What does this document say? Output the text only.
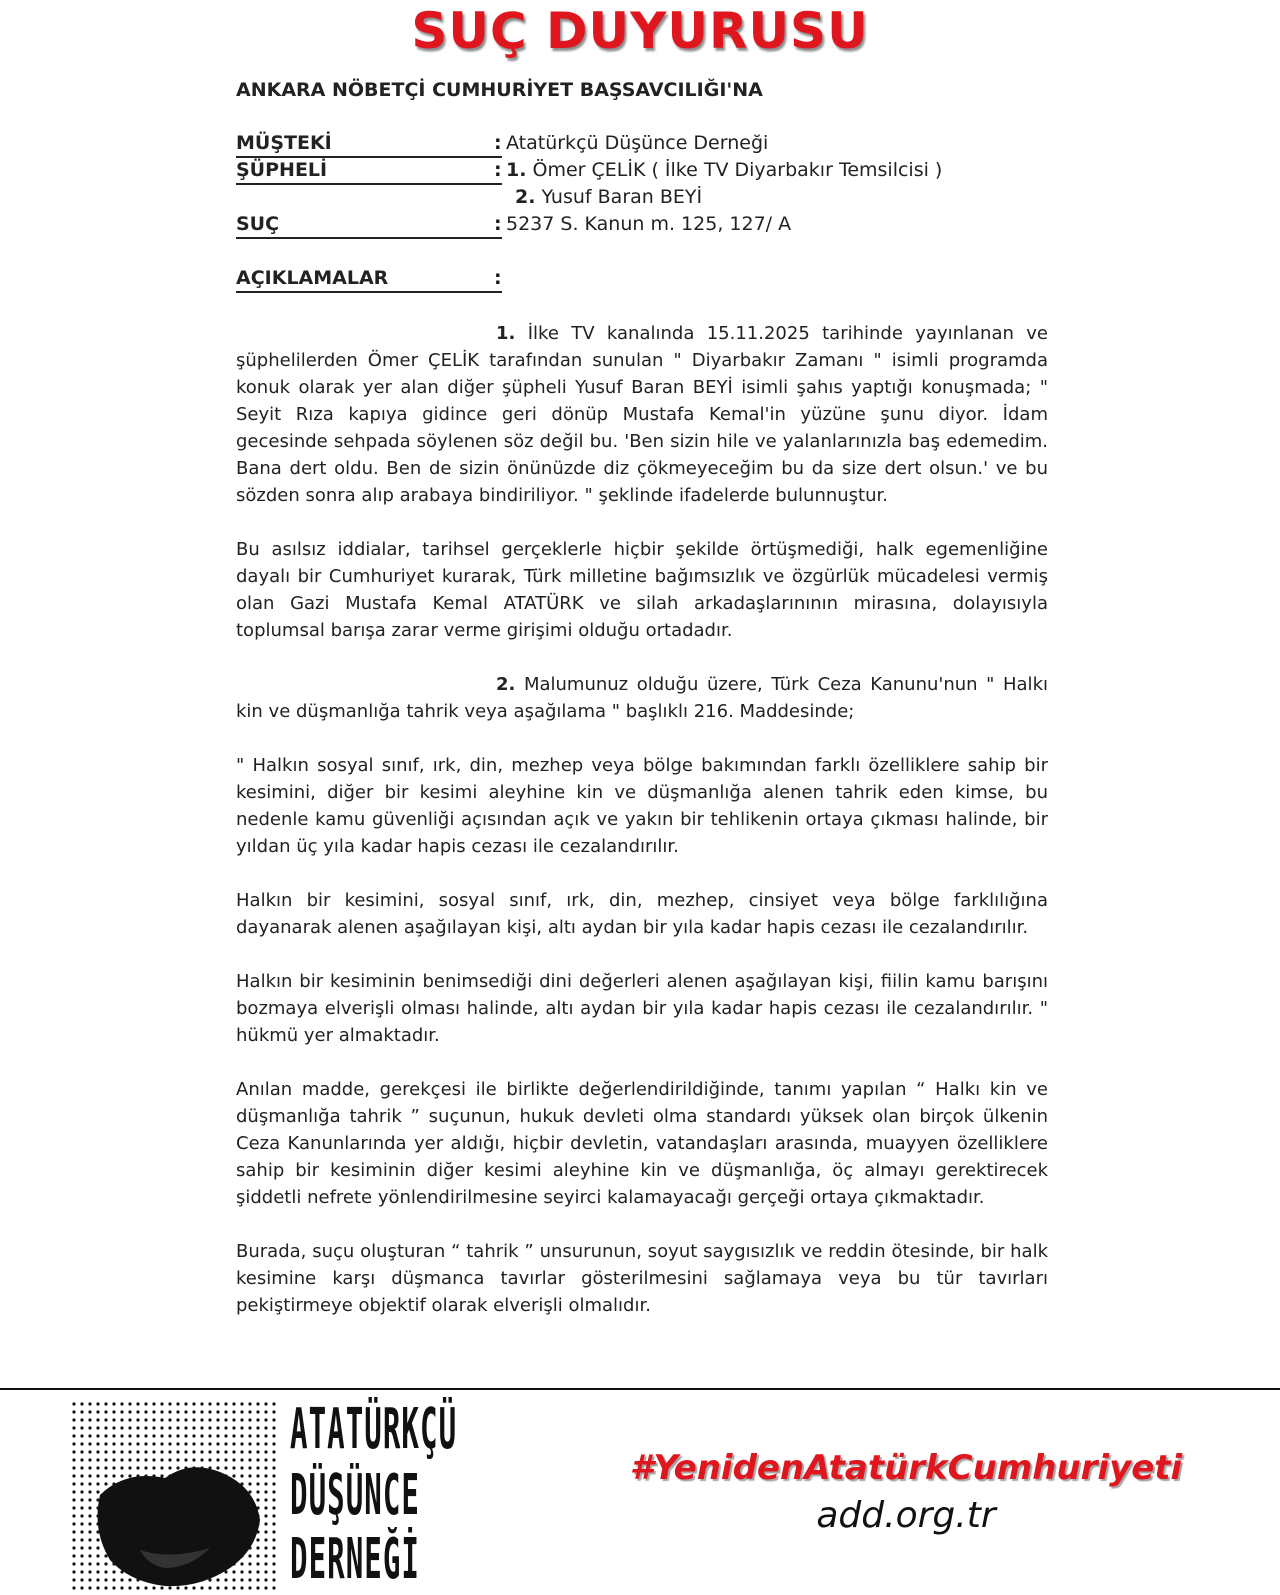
SUÇ DUYURUSU
ANKARA NÖBETÇİ CUMHURİYET BAŞSAVCILIĞI'NA
MÜŞTEKİ	: Atatürkçü Düşünce Derneği
ŞÜPHELİ	: 1. Ömer ÇELİK ( İlke TV Diyarbakır Temsilcisi )
2. Yusuf Baran BEYİ
SUÇ	: 5237 S. Kanun m. 125, 127/ A
AÇIKLAMALAR	:

1. İlke TV kanalında 15.11.2025 tarihinde yayınlanan ve şüphelilerden Ömer ÇELİK tarafından sunulan " Diyarbakır Zamanı " isimli programda konuk olarak yer alan diğer şüpheli Yusuf Baran BEYİ isimli şahıs yaptığı konuşmada; " Seyit Rıza kapıya gidince geri dönüp Mustafa Kemal'in yüzüne şunu diyor. İdam gecesinde sehpada söylenen söz değil bu. 'Ben sizin hile ve yalanlarınızla baş edemedim. Bana dert oldu. Ben de sizin önünüzde diz çökmeyeceğim bu da size dert olsun.' ve bu sözden sonra alıp arabaya bindiriliyor. " şeklinde ifadelerde bulunnuştur.

Bu asılsız iddialar, tarihsel gerçeklerle hiçbir şekilde örtüşmediği, halk egemenliğine dayalı bir Cumhuriyet kurarak, Türk milletine bağımsızlık ve özgürlük mücadelesi vermiş olan Gazi Mustafa Kemal ATATÜRK ve silah arkadaşlarınının mirasına, dolayısıyla toplumsal barışa zarar verme girişimi olduğu ortadadır.

2. Malumunuz olduğu üzere, Türk Ceza Kanunu'nun " Halkı kin ve düşmanlığa tahrik veya aşağılama " başlıklı 216. Maddesinde;

" Halkın sosyal sınıf, ırk, din, mezhep veya bölge bakımından farklı özelliklere sahip bir kesimini, diğer bir kesimi aleyhine kin ve düşmanlığa alenen tahrik eden kimse, bu nedenle kamu güvenliği açısından açık ve yakın bir tehlikenin ortaya çıkması halinde, bir yıldan üç yıla kadar hapis cezası ile cezalandırılır.

Halkın bir kesimini, sosyal sınıf, ırk, din, mezhep, cinsiyet veya bölge farklılığına dayanarak alenen aşağılayan kişi, altı aydan bir yıla kadar hapis cezası ile cezalandırılır.

Halkın bir kesiminin benimsediği dini değerleri alenen aşağılayan kişi, fiilin kamu barışını bozmaya elverişli olması halinde, altı aydan bir yıla kadar hapis cezası ile cezalandırılır. " hükmü yer almaktadır.

Anılan madde, gerekçesi ile birlikte değerlendirildiğinde, tanımı yapılan “ Halkı kin ve düşmanlığa tahrik ” suçunun, hukuk devleti olma standardı yüksek olan birçok ülkenin Ceza Kanunlarında yer aldığı, hiçbir devletin, vatandaşları arasında, muayyen özelliklere sahip bir kesiminin diğer kesimi aleyhine kin ve düşmanlığa, öç almayı gerektirecek şiddetli nefrete yönlendirilmesine seyirci kalamayacağı gerçeği ortaya çıkmaktadır.

Burada, suçu oluşturan “ tahrik ” unsurunun, soyut saygısızlık ve reddin ötesinde, bir halk kesimine karşı düşmanca tavırlar gösterilmesini sağlamaya veya bu tür tavırları pekiştirmeye objektif olarak elverişli olmalıdır.

ATATÜRKÇÜ
DÜŞÜNCE
DERNEĞİ
#YenidenAtatürkCumhuriyeti
add.org.tr
